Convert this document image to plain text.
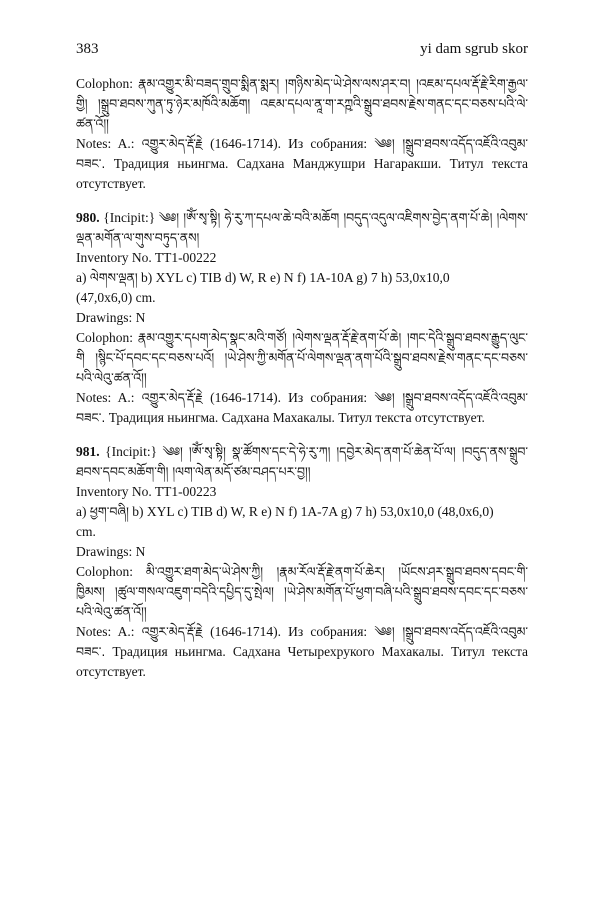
383	yi dam sgrub skor

Colophon: རྣམ་འགྱུར་མི་བཟད་གྲུབ་སྨིན་སྨར། །གཉིས་མེད་ཡེ་ཤེས་ལས་ཤར་བ། །འཇམ་དཔལ་རྡོ་རྗེ་རིག་རྒྱལ་གྱི། །སྒྲུབ་ཐབས་ཀུན་ཏུ་ཉེར་མཁོའི་མཆོག། འཇམ་དཔལ་ནཱ་ག་རཀྵའི་སྒྲུབ་ཐབས་རྗེས་གནང་དང་བཅས་པའི་ལེ་ཚན་འོ།།

Notes: A.: འགྱུར་མེད་རྡོ་རྗེ (1646-1714). Из собрания: ༄༅། །སྒྲུབ་ཐབས་འདོད་འཇོའི་འབུམ་བཟང་. Традиция ньингма. Садхана Манджушри Нагаракши. Титул текста отсутствует.

980. {Incipit:} ༄༅། །ཨོཾ་སྭ་སྟི། ཧེ་རུ་ཀ་དཔལ་ཆེ་བའི་མཆོག །བདུད་འདུལ་འཇིགས་བྱེད་ནག་པོ་ཆེ། །ལེགས་ལྡན་མགོན་ལ་གུས་བཏུད་ནས།

Inventory No. TT1-00222

a) ལེགས་ལྡན། b) XYL c) TIB d) W, R e) N f) 1A-10A g) 7 h) 53,0x10,0

(47,0x6,0) cm.

Drawings: N

Colophon: རྣམ་འགྱུར་དཔག་མེད་སྣང་མའི་གཙོ། །ལེགས་ལྡན་རྡོ་རྗེ་ནག་པོ་ཆེ། །གང་དེའི་སྒྲུབ་ཐབས་རྒྱུད་ལུང་གི །སྙིང་པོ་དབང་དང་བཅས་པའོ། །ཡེ་ཤེས་ཀྱི་མགོན་པོ་ལེགས་ལྡན་ནག་པོའི་སྒྲུབ་ཐབས་རྗེས་གནང་དང་བཅས་པའི་ལེའུ་ཚན་འོ།།

Notes: A.: འགྱུར་མེད་རྡོ་རྗེ (1646-1714). Из собрания: ༄༅། །སྒྲུབ་ཐབས་འདོད་འཇོའི་འབུམ་བཟང་. Традиция ньингма. Садхана Махакалы. Титул текста отсутствует.

981. {Incipit:} ༄༅། །ཨོཾ་སྭ་སྟི། སྣ་ཚོགས་དང་དེ་ཧེ་རུ་ཀ། །དབྱེར་མེད་ནག་པོ་ཆེན་པོ་ལ། །བདུད་ནས་སྒྲུབ་ཐབས་དབང་མཆོག་གི། །ལག་ལེན་མདོ་ཙམ་བཤད་པར་བྱ།།

Inventory No. TT1-00223

a) ཕྱག་བཞི། b) XYL c) TIB d) W, R e) N f) 1A-7A g) 7 h) 53,0x10,0 (48,0x6,0)

cm.

Drawings: N

Colophon: མི་འགྱུར་ཐག་མེད་ཡེ་ཤེས་ཀྱི། །རྣམ་རོལ་རྡོ་རྗེ་ནག་པོ་ཆེར། །ཡོངས་ཤར་སྒྲུབ་ཐབས་དབང་གི་ཁྱིམས། །ཚུལ་གསལ་འཇུག་བདེའི་དཔྱིད་དུ་སྤེལ། །ཡེ་ཤེས་མགོན་པོ་ཕྱག་བཞི་པའི་སྒྲུབ་ཐབས་དབང་དང་བཅས་པའི་ལེའུ་ཚན་འོ།།

Notes: A.: འགྱུར་མེད་རྡོ་རྗེ (1646-1714). Из собрания: ༄༅། །སྒྲུབ་ཐབས་འདོད་འཇོའི་འབུམ་བཟང་. Традиция ньингма. Садхана Четырехрукого Махакалы. Титул текста отсутствует.
